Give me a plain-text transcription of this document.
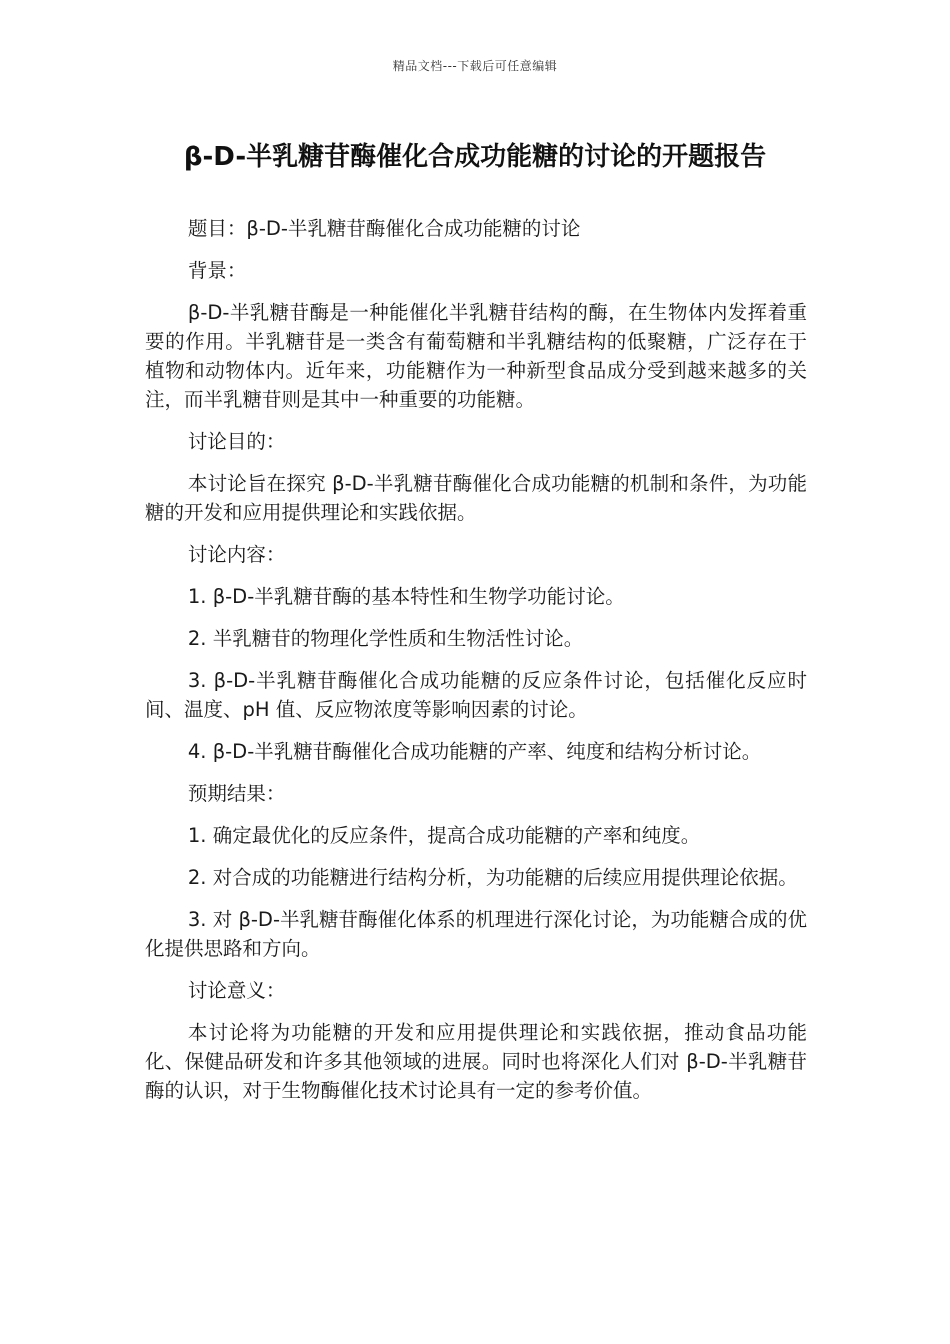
精品文档---下载后可任意编辑
β-D-半乳糖苷酶催化合成功能糖的讨论的开题报告

题目：β-D-半乳糖苷酶催化合成功能糖的讨论

背景：

β-D-半乳糖苷酶是一种能催化半乳糖苷结构的酶，在生物体内发挥着重要的作用。半乳糖苷是一类含有葡萄糖和半乳糖结构的低聚糖，广泛存在于植物和动物体内。近年来，功能糖作为一种新型食品成分受到越来越多的关注，而半乳糖苷则是其中一种重要的功能糖。

讨论目的：

本讨论旨在探究 β-D-半乳糖苷酶催化合成功能糖的机制和条件，为功能糖的开发和应用提供理论和实践依据。

讨论内容：

1. β-D-半乳糖苷酶的基本特性和生物学功能讨论。

2. 半乳糖苷的物理化学性质和生物活性讨论。

3. β-D-半乳糖苷酶催化合成功能糖的反应条件讨论，包括催化反应时间、温度、pH 值、反应物浓度等影响因素的讨论。

4. β-D-半乳糖苷酶催化合成功能糖的产率、纯度和结构分析讨论。

预期结果：

1. 确定最优化的反应条件，提高合成功能糖的产率和纯度。

2. 对合成的功能糖进行结构分析，为功能糖的后续应用提供理论依据。

3. 对 β-D-半乳糖苷酶催化体系的机理进行深化讨论，为功能糖合成的优化提供思路和方向。

讨论意义：

本讨论将为功能糖的开发和应用提供理论和实践依据，推动食品功能化、保健品研发和许多其他领域的进展。同时也将深化人们对 β-D-半乳糖苷酶的认识，对于生物酶催化技术讨论具有一定的参考价值。
